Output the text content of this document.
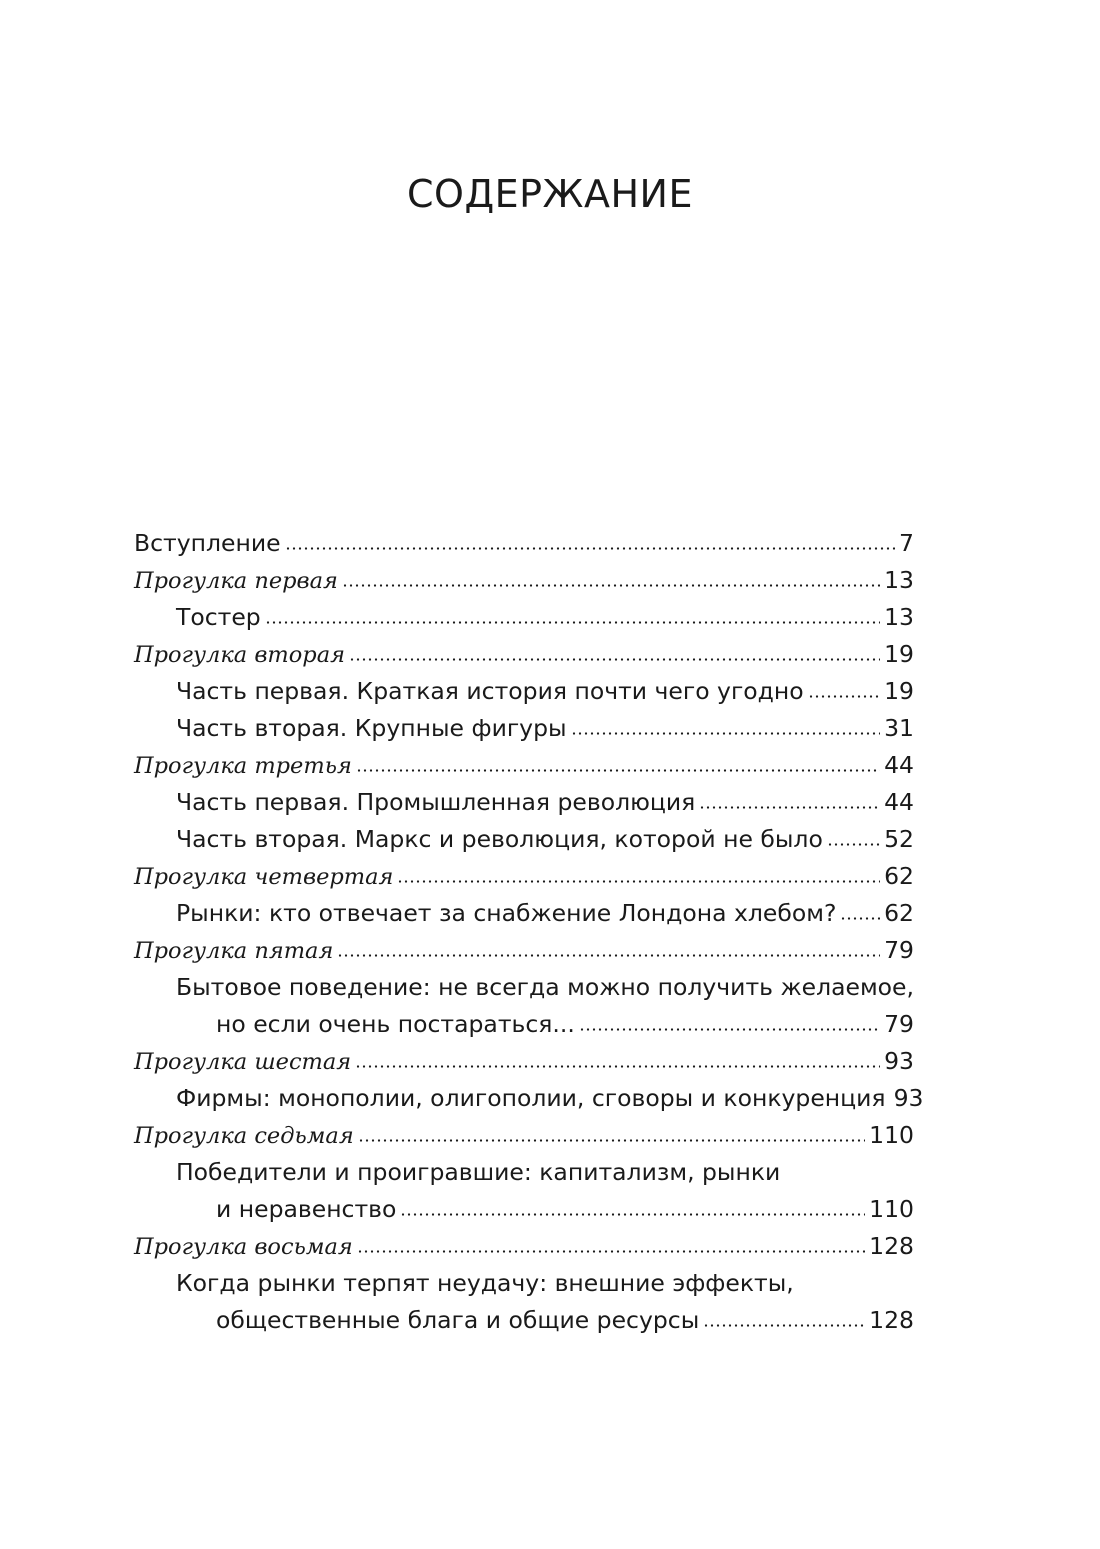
СОДЕРЖАНИЕ
Вступление	7
Прогулка первая	13
Тостер	13
Прогулка вторая	19
Часть первая. Краткая история почти чего угодно	19
Часть вторая. Крупные фигуры	31
Прогулка третья	44
Часть первая. Промышленная революция	44
Часть вторая. Маркс и революция, которой не было	52
Прогулка четвертая	62
Рынки: кто отвечает за снабжение Лондона хлебом? 62
Прогулка пятая	79
Бытовое поведение: не всегда можно получить желаемое,
но если очень постараться...	79
Прогулка шестая	93
Фирмы: монополии, олигополии, сговоры и конкуренция 93
Прогулка седьмая	110
Победители и проигравшие: капитализм, рынки
и неравенство	110
Прогулка восьмая	128
Когда рынки терпят неудачу: внешние эффекты,
общественные блага и общие ресурсы	128
